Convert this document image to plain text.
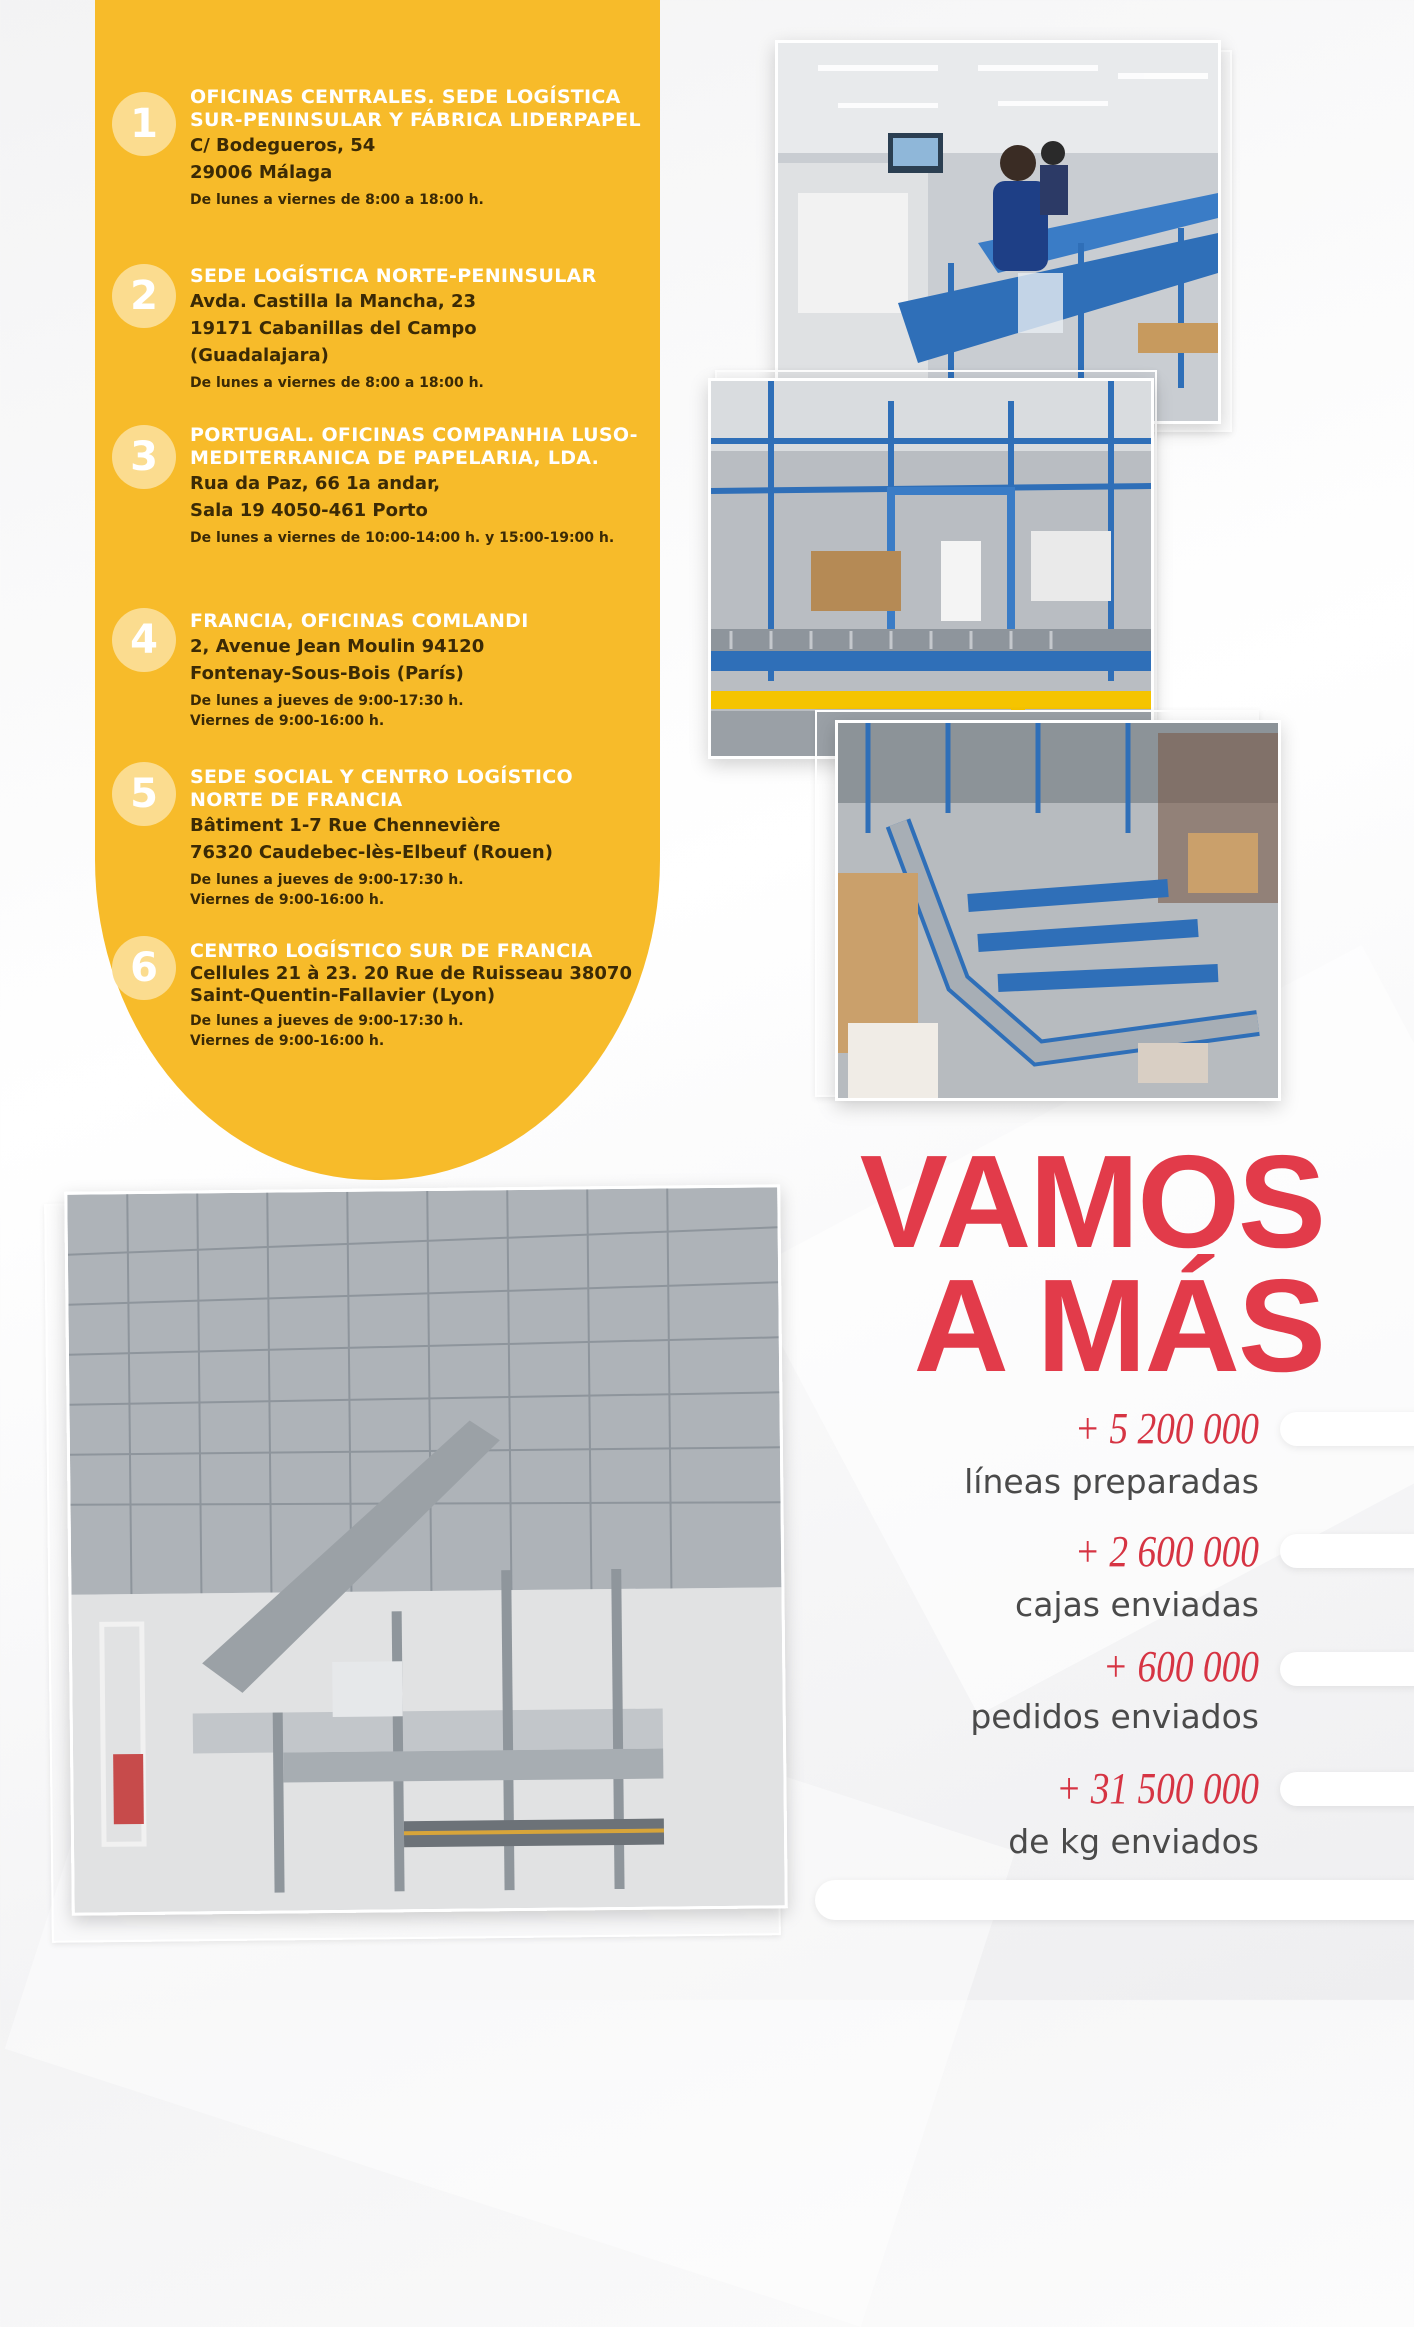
1
OFICINAS CENTRALES. SEDE LOGÍSTICA SUR-PENINSULAR Y FÁBRICA LIDERPAPEL
C/ Bodegueros, 54
29006 Málaga
De lunes a viernes de 8:00 a 18:00 h.
2	SEDE LOGÍSTICA NORTE-PENINSULAR
Avda. Castilla la Mancha, 23
19171 Cabanillas del Campo
(Guadalajara)
De lunes a viernes de 8:00 a 18:00 h.
3	PORTUGAL. OFICINAS COMPANHIA LUSO-MEDITERRANICA DE PAPELARIA, LDA.
Rua da Paz, 66 1a andar,
Sala 19 4050-461 Porto
De lunes a viernes de 10:00-14:00 h. y 15:00-19:00 h.
4	FRANCIA, OFICINAS COMLANDI
2, Avenue Jean Moulin 94120
Fontenay-Sous-Bois (París)
De lunes a jueves de 9:00-17:30 h.
Viernes de 9:00-16:00 h.
5	SEDE SOCIAL Y CENTRO LOGÍSTICO NORTE DE FRANCIA
Bâtiment 1-7 Rue Chennevière
76320 Caudebec-lès-Elbeuf (Rouen)
De lunes a jueves de 9:00-17:30 h.
Viernes de 9:00-16:00 h.
6	CENTRO LOGÍSTICO SUR DE FRANCIA
Cellules 21 à 23. 20 Rue de Ruisseau 38070
Saint-Quentin-Fallavier (Lyon)
De lunes a jueves de 9:00-17:30 h.
Viernes de 9:00-16:00 h.
VAMOS
A MÁS
+ 5 200 000
líneas preparadas
+ 2 600 000
cajas enviadas
+ 600 000
pedidos enviados
+ 31 500 000
de kg enviados
